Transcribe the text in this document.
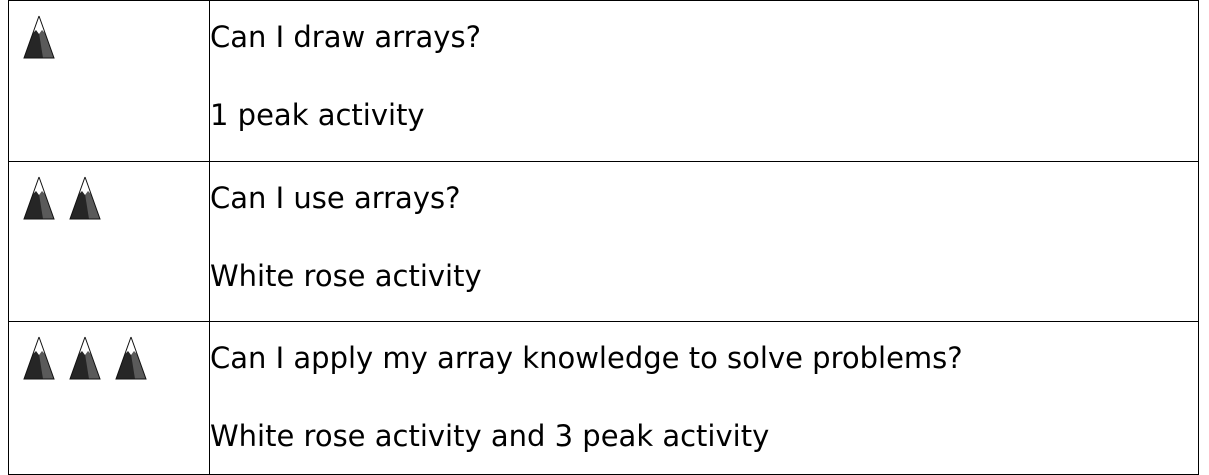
Can I draw arrays?
1 peak activity

Can I use arrays?
White rose activity

Can I apply my array knowledge to solve problems?
White rose activity and 3 peak activity
